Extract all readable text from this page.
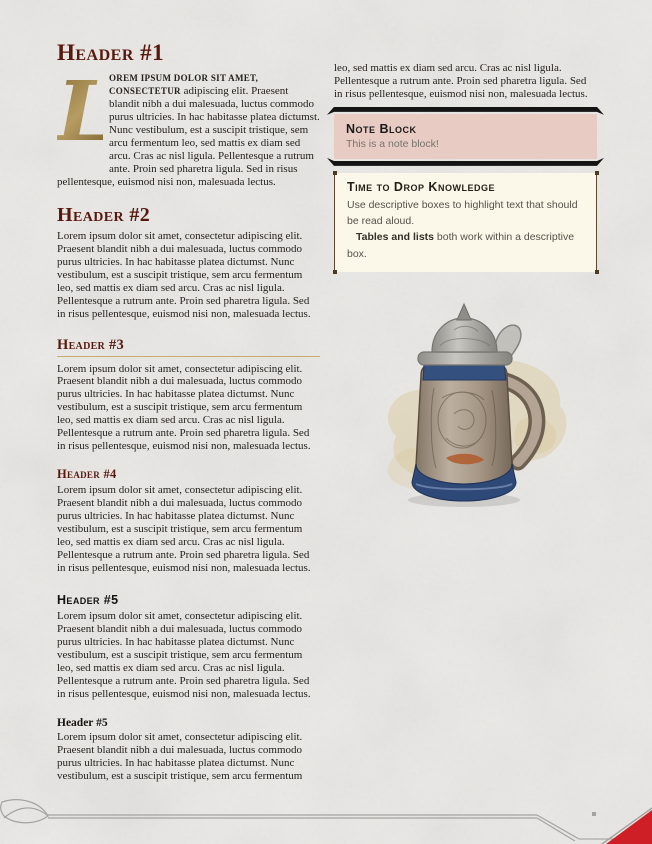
Header #1

L
OREM IPSUM DOLOR SIT AMET, CONSECTETUR adipiscing elit. Praesent blandit nibh a dui malesuada, luctus commodo purus ultricies. In hac habitasse platea dictumst. Nunc vestibulum, est a suscipit tristique, sem arcu fermentum leo, sed mattis ex diam sed arcu. Cras ac nisl ligula. Pellentesque a rutrum ante. Proin sed pharetra ligula. Sed in risus pellentesque, euismod nisi non, malesuada lectus.

Header #2

Lorem ipsum dolor sit amet, consectetur adipiscing elit. Praesent blandit nibh a dui malesuada, luctus commodo purus ultricies. In hac habitasse platea dictumst. Nunc vestibulum, est a suscipit tristique, sem arcu fermentum leo, sed mattis ex diam sed arcu. Cras ac nisl ligula. Pellentesque a rutrum ante. Proin sed pharetra ligula. Sed in risus pellentesque, euismod nisi non, malesuada lectus.

Header #3

Lorem ipsum dolor sit amet, consectetur adipiscing elit. Praesent blandit nibh a dui malesuada, luctus commodo purus ultricies. In hac habitasse platea dictumst. Nunc vestibulum, est a suscipit tristique, sem arcu fermentum leo, sed mattis ex diam sed arcu. Cras ac nisl ligula. Pellentesque a rutrum ante. Proin sed pharetra ligula. Sed in risus pellentesque, euismod nisi non, malesuada lectus.

Header #4

Lorem ipsum dolor sit amet, consectetur adipiscing elit. Praesent blandit nibh a dui malesuada, luctus commodo purus ultricies. In hac habitasse platea dictumst. Nunc vestibulum, est a suscipit tristique, sem arcu fermentum leo, sed mattis ex diam sed arcu. Cras ac nisl ligula. Pellentesque a rutrum ante. Proin sed pharetra ligula. Sed in risus pellentesque, euismod nisi non, malesuada lectus.

Header #5

Lorem ipsum dolor sit amet, consectetur adipiscing elit. Praesent blandit nibh a dui malesuada, luctus commodo purus ultricies. In hac habitasse platea dictumst. Nunc vestibulum, est a suscipit tristique, sem arcu fermentum leo, sed mattis ex diam sed arcu. Cras ac nisl ligula. Pellentesque a rutrum ante. Proin sed pharetra ligula. Sed in risus pellentesque, euismod nisi non, malesuada lectus.

Header #5

Lorem ipsum dolor sit amet, consectetur adipiscing elit. Praesent blandit nibh a dui malesuada, luctus commodo purus ultricies. In hac habitasse platea dictumst. Nunc vestibulum, est a suscipit tristique, sem arcu fermentum

leo, sed mattis ex diam sed arcu. Cras ac nisl ligula. Pellentesque a rutrum ante. Proin sed pharetra ligula. Sed in risus pellentesque, euismod nisi non, malesuada lectus.

Note Block

This is a note block!

Time to Drop Knowledge

Use descriptive boxes to highlight text that should be read aloud.

Tables and lists both work within a descriptive box.
